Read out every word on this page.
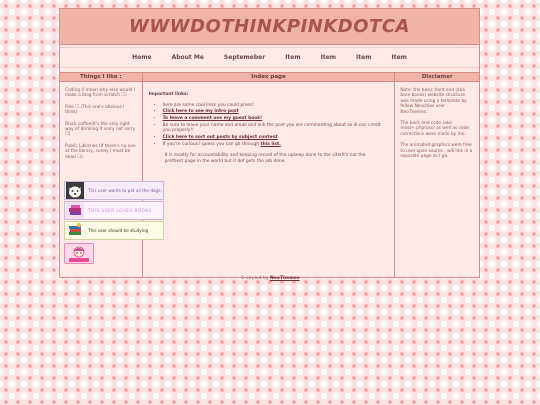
WWWDOTHINKPINKDOTCA
Home	About Me	Septemeber	Item	Item	Item	Item
Things I like :

Coding (I mean why else would I make a blog from scratch ☐)

Pink ☐ (This one's obvious I think)

Black coffee(It's the only right way of drinking it sorry not sorry ☐)

Public Libraries (If there's no one at the library, surely I must be dead ☐).

Index page
Important links:
• here are some cool links you could press!
• Click here to see my intro post
• To leave a comment use my guest book!
• Be sure to leave your name and email and link the post you are commenting about so ill can credit you properly!!
• Click here to sort out posts by subject content
• If you're curious I guess you can go through this list.

It is mostly for accountability and keeping record of the upkeep done to the site(It's not the prettiest page in the world but it def gets the job done.

Disclamer

Note: the basic front end (aka bare bones) website structure was made using a template by fellow Neocities user : NeoThemes .

The back end code (aka most+.php(oss) as well as code corrections were made by me.

The animated graphics were free to use/ open source , will link in a separate page as I go.

This user wants to pet all the dogs.
THIS USER LOVES BOOKS
This user should be studying
© Layout by NeoThemes
